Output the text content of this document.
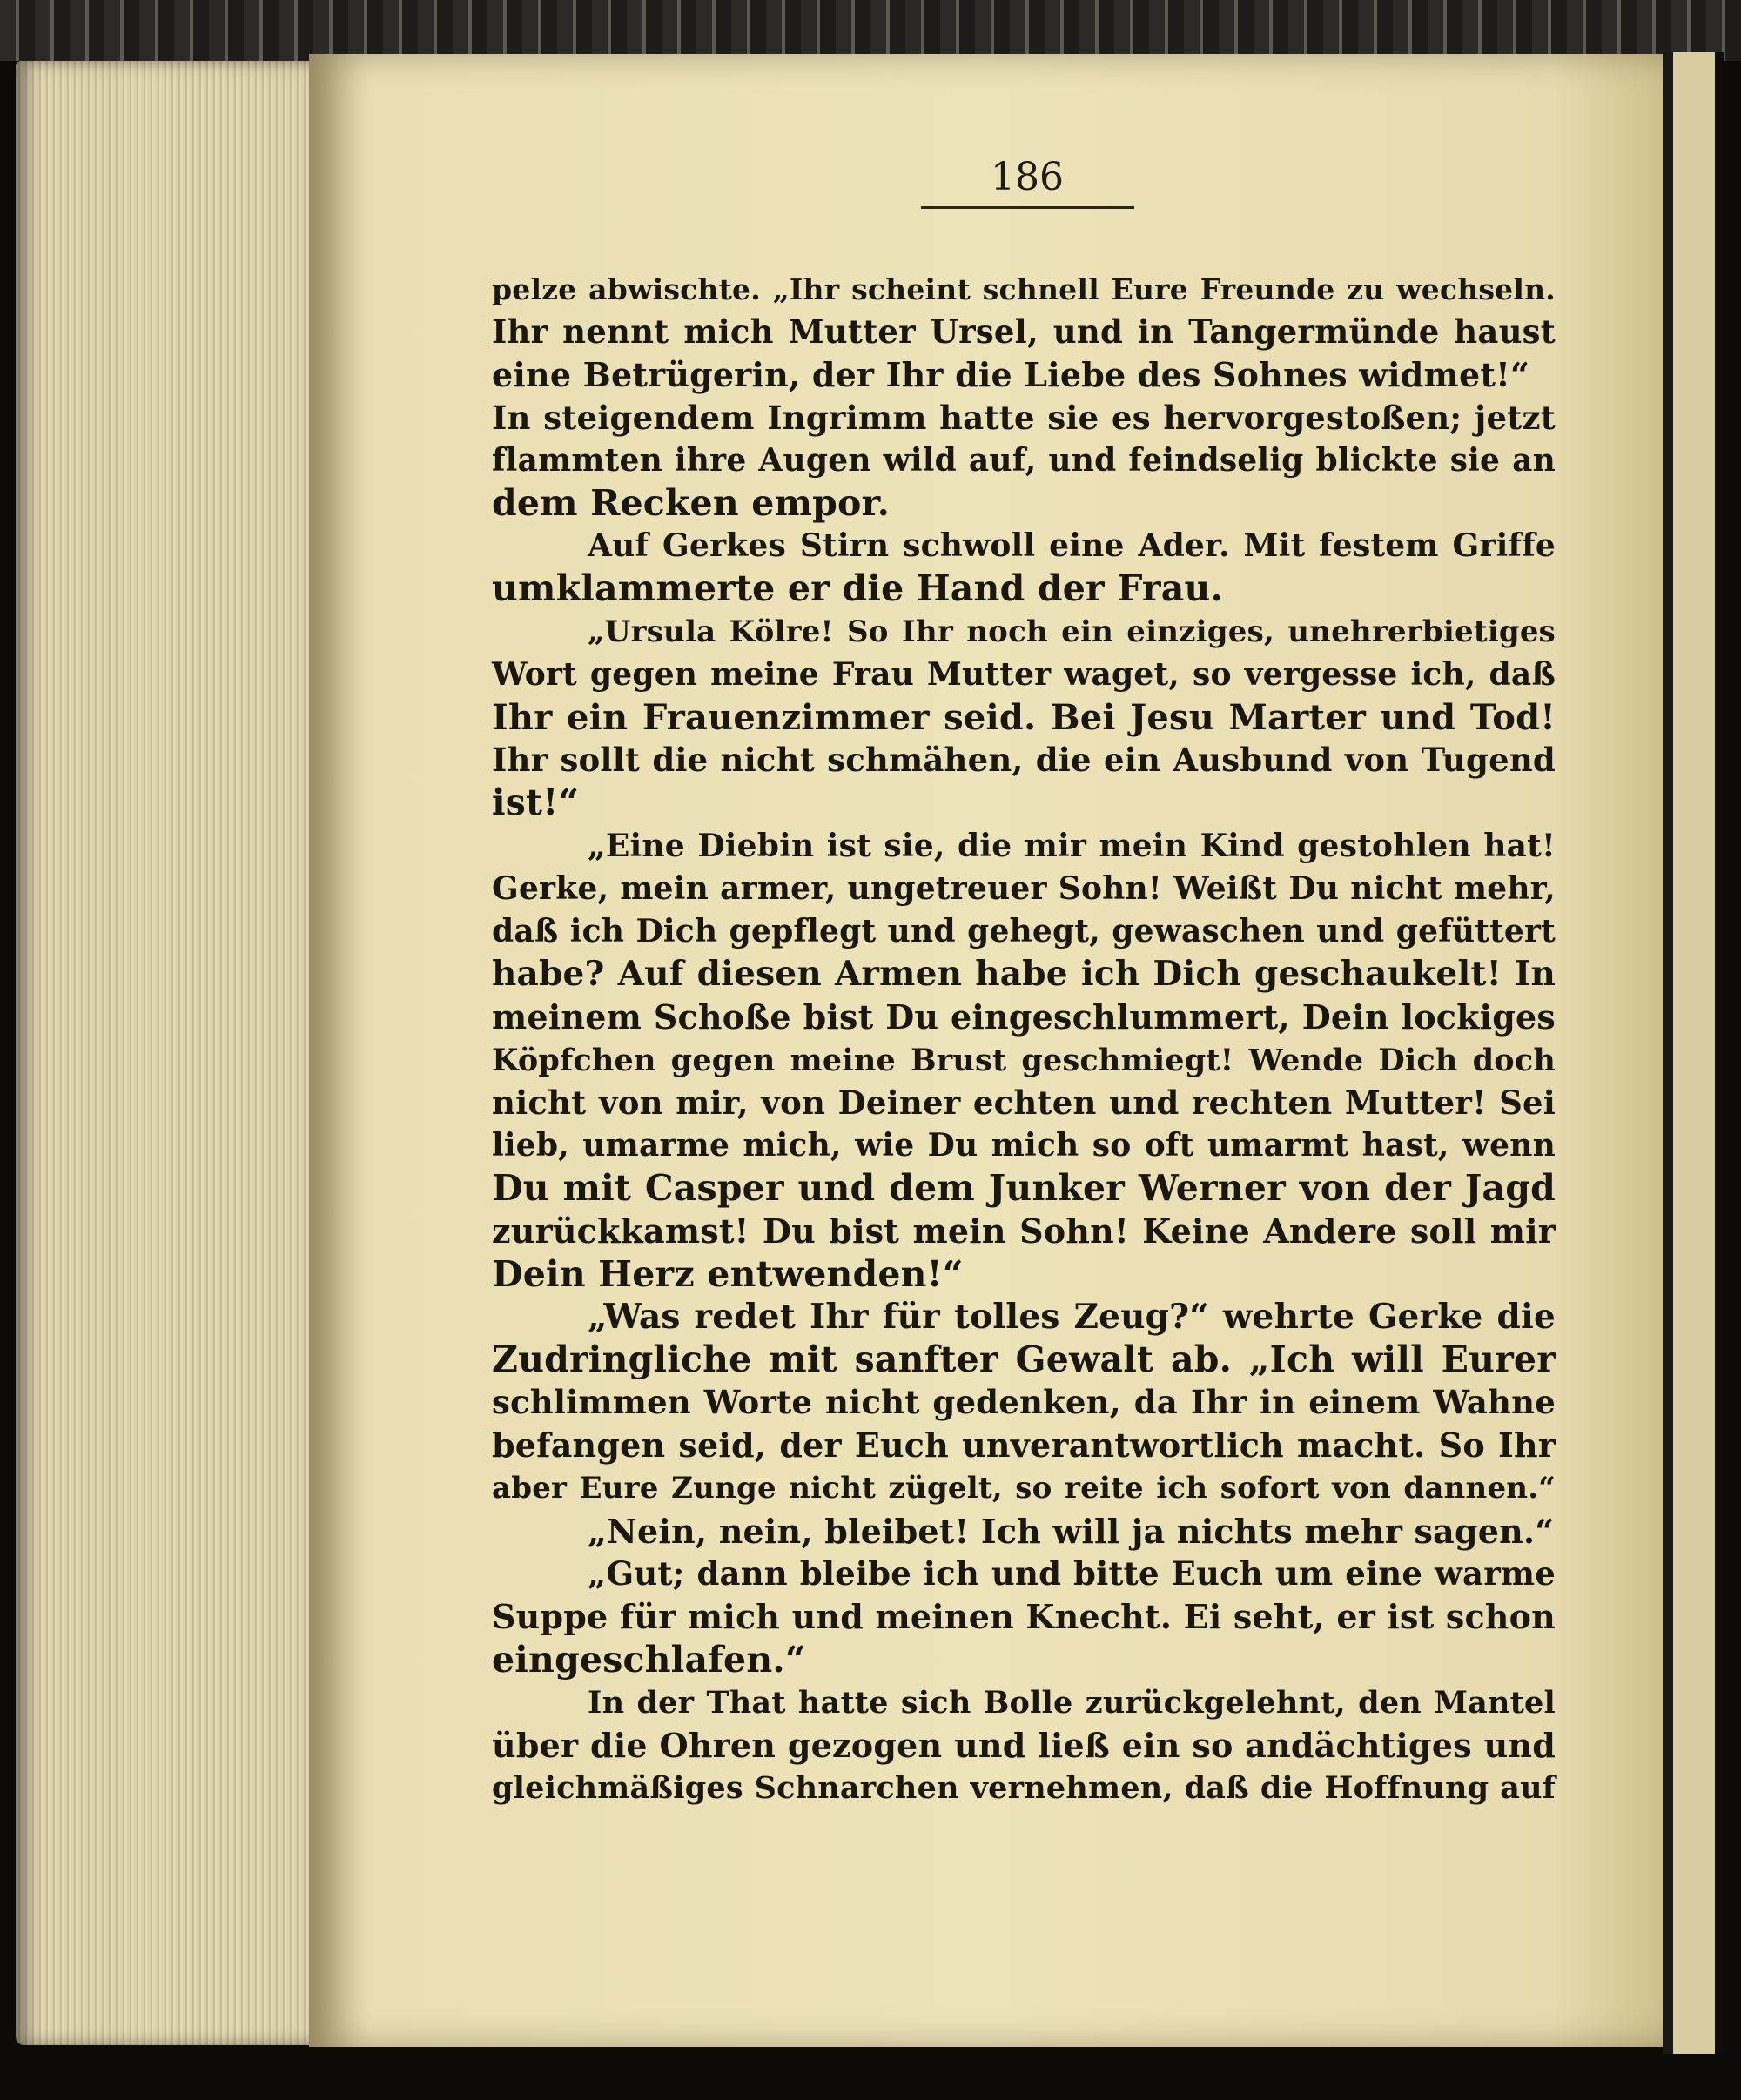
186
pelze abwischte. „Ihr scheint schnell Eure Freunde zu wechseln.
Ihr nennt mich Mutter Ursel, und in Tangermünde haust
eine Betrügerin, der Ihr die Liebe des Sohnes widmet!“
In steigendem Ingrimm hatte sie es hervorgestoßen; jetzt
flammten ihre Augen wild auf, und feindselig blickte sie an
dem Recken empor.
Auf Gerkes Stirn schwoll eine Ader. Mit festem Griffe
umklammerte er die Hand der Frau.
„Ursula Kölre! So Ihr noch ein einziges, unehrerbietiges
Wort gegen meine Frau Mutter waget, so vergesse ich, daß
Ihr ein Frauenzimmer seid. Bei Jesu Marter und Tod!
Ihr sollt die nicht schmähen, die ein Ausbund von Tugend
ist!“
„Eine Diebin ist sie, die mir mein Kind gestohlen hat!
Gerke, mein armer, ungetreuer Sohn! Weißt Du nicht mehr,
daß ich Dich gepflegt und gehegt, gewaschen und gefüttert
habe? Auf diesen Armen habe ich Dich geschaukelt! In
meinem Schoße bist Du eingeschlummert, Dein lockiges
Köpfchen gegen meine Brust geschmiegt! Wende Dich doch
nicht von mir, von Deiner echten und rechten Mutter! Sei
lieb, umarme mich, wie Du mich so oft umarmt hast, wenn
Du mit Casper und dem Junker Werner von der Jagd
zurückkamst! Du bist mein Sohn! Keine Andere soll mir
Dein Herz entwenden!“
„Was redet Ihr für tolles Zeug?“ wehrte Gerke die
Zudringliche mit sanfter Gewalt ab. „Ich will Eurer
schlimmen Worte nicht gedenken, da Ihr in einem Wahne
befangen seid, der Euch unverantwortlich macht. So Ihr
aber Eure Zunge nicht zügelt, so reite ich sofort von dannen.“
„Nein, nein, bleibet! Ich will ja nichts mehr sagen.“
„Gut; dann bleibe ich und bitte Euch um eine warme
Suppe für mich und meinen Knecht. Ei seht, er ist schon
eingeschlafen.“
In der That hatte sich Bolle zurückgelehnt, den Mantel
über die Ohren gezogen und ließ ein so andächtiges und
gleichmäßiges Schnarchen vernehmen, daß die Hoffnung auf
